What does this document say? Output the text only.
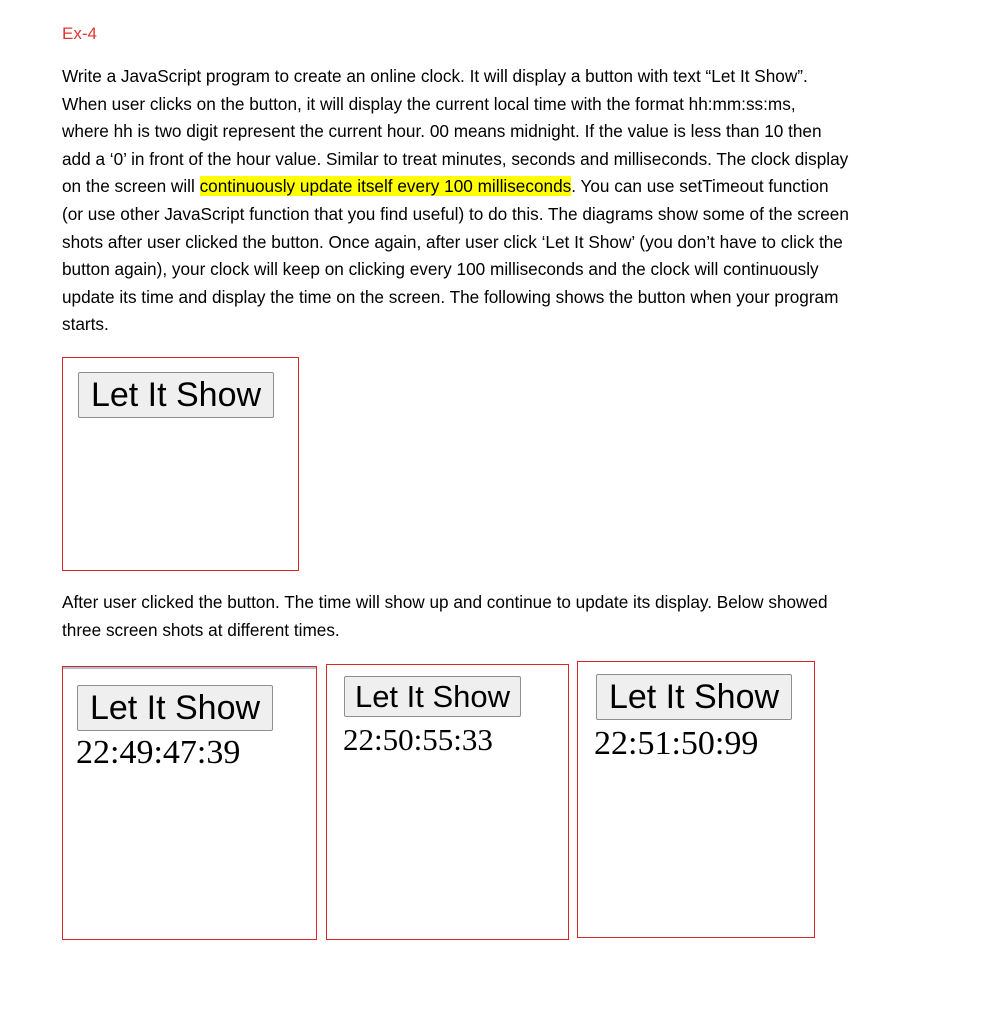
Ex-4

Write a JavaScript program to create an online clock. It will display a button with text “Let It Show”.
When user clicks on the button, it will display the current local time with the format hh:mm:ss:ms,
where hh is two digit represent the current hour. 00 means midnight. If the value is less than 10 then
add a ‘0’ in front of the hour value. Similar to treat minutes, seconds and milliseconds. The clock display
on the screen will continuously update itself every 100 milliseconds. You can use setTimeout function
(or use other JavaScript function that you find useful) to do this. The diagrams show some of the screen
shots after user clicked the button. Once again, after user click ‘Let It Show’ (you don’t have to click the
button again), your clock will keep on clicking every 100 milliseconds and the clock will continuously
update its time and display the time on the screen. The following shows the button when your program
starts.
Let It Show
After user clicked the button. The time will show up and continue to update its display. Below showed
three screen shots at different times.
Let It Show
22:49:47:39
Let It Show
22:50:55:33
Let It Show
22:51:50:99
